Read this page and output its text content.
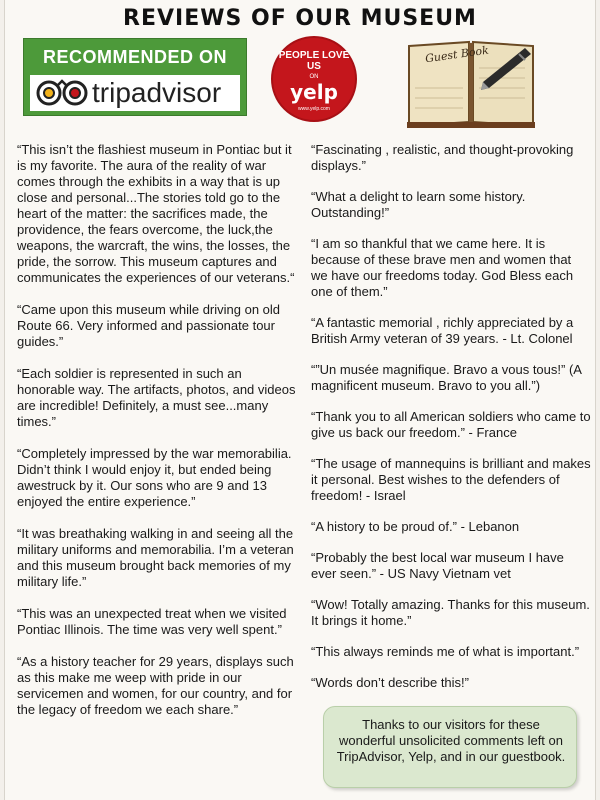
REVIEWS OF OUR MUSEUM
RECOMMENDED ON
tripadvisor
PEOPLE LOVE US
ON
yelp
www.yelp.com
Guest Book

“This isn’t the flashiest museum in Pontiac but it is my favorite. The aura of the reality of war comes through the exhibits in a way that is up close and personal...The stories told go to the heart of the matter: the sacrifices made, the providence, the fears overcome, the luck,the weapons, the warcraft, the wins, the losses, the pride, the sorrow. This museum captures and communicates the experiences of our veterans.“

“Came upon this museum while driving on old Route 66. Very informed and passionate tour guides.”

“Each soldier is represented in such an honorable way. The artifacts, photos, and videos are incredible! Definitely, a must see...many times.”

“Completely impressed by the war memorabilia. Didn’t think I would enjoy it, but ended being awestruck by it. Our sons who are 9 and 13 enjoyed the entire experience.”

“It was breathaking walking in and seeing all the military uniforms and memorabilia. I’m a veteran and this museum brought back memories of my military life.”

“This was an unexpected treat when we visited Pontiac Illinois. The time was very well spent.”

“As a history teacher for 29 years, displays such as this make me weep with pride in our servicemen and women, for our country, and for the legacy of freedom we each share.”

“Fascinating , realistic, and thought-provoking displays.”

“What a delight to learn some history. Outstanding!”

“I am so thankful that we came here. It is because of these brave men and women that we have our freedoms today. God Bless each one of them.”

“A fantastic memorial , richly appreciated by a British Army veteran of 39 years. - Lt. Colonel

“”Un musée magnifique. Bravo a vous tous!” (A magnificent museum. Bravo to you all.”)

“Thank you to all American soldiers who came to give us back our freedom.” - France

“The usage of mannequins is brilliant and makes it personal. Best wishes to the defenders of freedom! - Israel

“A history to be proud of.” - Lebanon

“Probably the best local war museum I have ever seen.” - US Navy Vietnam vet

“Wow! Totally amazing. Thanks for this museum. It brings it home.”

“This always reminds me of what is important.”

“Words don’t describe this!”

Thanks to our visitors for these wonderful unsolicited comments left on TripAdvisor, Yelp, and in our guestbook.
